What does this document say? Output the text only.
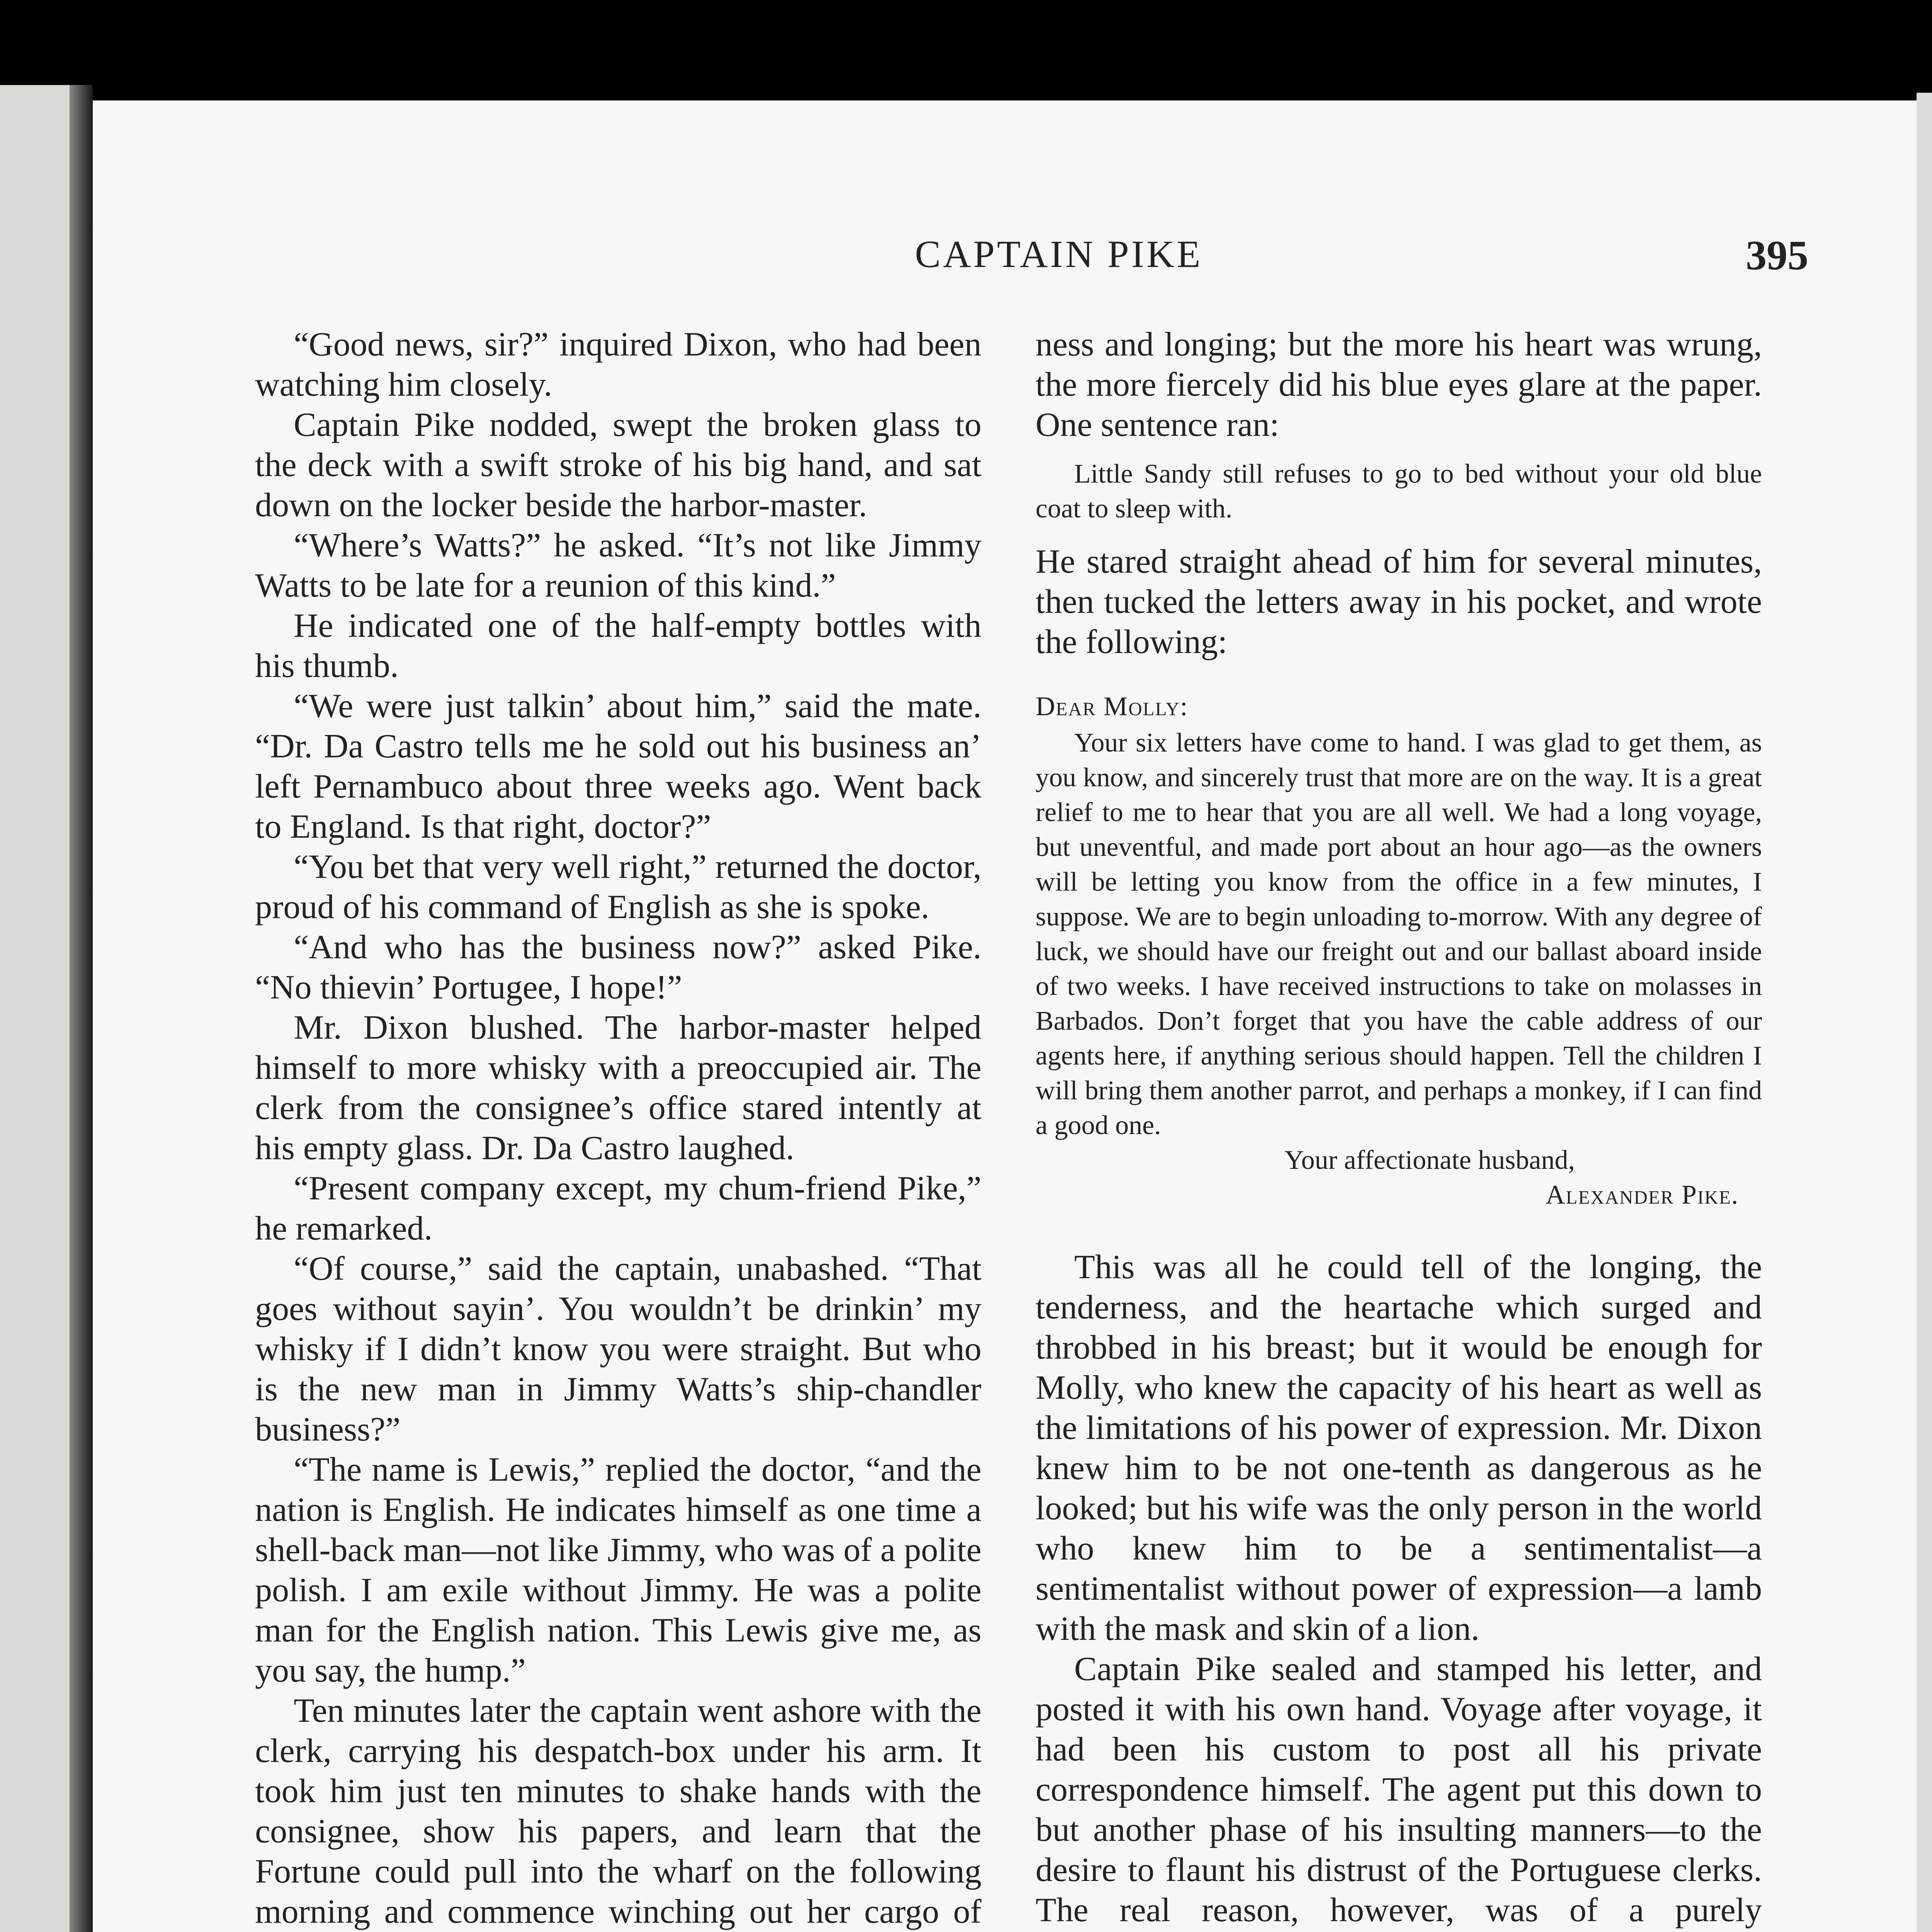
CAPTAIN PIKE	395

“Good news, sir?” inquired Dixon, who had been watching him closely.

Captain Pike nodded, swept the broken glass to the deck with a swift stroke of his big hand, and sat down on the locker beside the harbor-master.

“Where’s Watts?” he asked. “It’s not like Jimmy Watts to be late for a reunion of this kind.”

He indicated one of the half-empty bottles with his thumb.

“We were just talkin’ about him,” said the mate. “Dr. Da Castro tells me he sold out his business an’ left Pernambuco about three weeks ago. Went back to England. Is that right, doctor?”

“You bet that very well right,” returned the doctor, proud of his command of English as she is spoke.

“And who has the business now?” asked Pike. “No thievin’ Portugee, I hope!”

Mr. Dixon blushed. The harbor-master helped himself to more whisky with a preoccupied air. The clerk from the consignee’s office stared intently at his empty glass. Dr. Da Castro laughed.

“Present company except, my chum-friend Pike,” he remarked.

“Of course,” said the captain, unabashed. “That goes without sayin’. You wouldn’t be drinkin’ my whisky if I didn’t know you were straight. But who is the new man in Jimmy Watts’s ship-chandler business?”

“The name is Lewis,” replied the doctor, “and the nation is English. He indicates himself as one time a shell-back man—not like Jimmy, who was of a polite polish. I am exile without Jimmy. He was a polite man for the English nation. This Lewis give me, as you say, the hump.”

Ten minutes later the captain went ashore with the clerk, carrying his despatch-box under his arm. It took him just ten minutes to shake hands with the consignee, show his papers, and learn that the Fortune could pull into the wharf on the following morning and commence winching out her cargo of

ness and longing; but the more his heart was wrung, the more fiercely did his blue eyes glare at the paper. One sentence ran:

Little Sandy still refuses to go to bed without your old blue coat to sleep with.

He stared straight ahead of him for several minutes, then tucked the letters away in his pocket, and wrote the following:

Dear Molly:

Your six letters have come to hand. I was glad to get them, as you know, and sincerely trust that more are on the way. It is a great relief to me to hear that you are all well. We had a long voyage, but uneventful, and made port about an hour ago—as the owners will be letting you know from the office in a few minutes, I suppose. We are to begin unloading to-morrow. With any degree of luck, we should have our freight out and our ballast aboard inside of two weeks. I have received instructions to take on molasses in Barbados. Don’t forget that you have the cable address of our agents here, if anything serious should happen. Tell the children I will bring them another parrot, and perhaps a monkey, if I can find a good one.

Your affectionate husband,

Alexander Pike.

This was all he could tell of the longing, the tenderness, and the heartache which surged and throbbed in his breast; but it would be enough for Molly, who knew the capacity of his heart as well as the limitations of his power of expression. Mr. Dixon knew him to be not one-tenth as dangerous as he looked; but his wife was the only person in the world who knew him to be a sentimentalist—a sentimentalist without power of expression—a lamb with the mask and skin of a lion.

Captain Pike sealed and stamped his letter, and posted it with his own hand. Voyage after voyage, it had been his custom to post all his private correspondence himself. The agent put this down to but another phase of his insulting manners—to the desire to flaunt his distrust of the Portuguese clerks. The real reason, however, was of a purely
